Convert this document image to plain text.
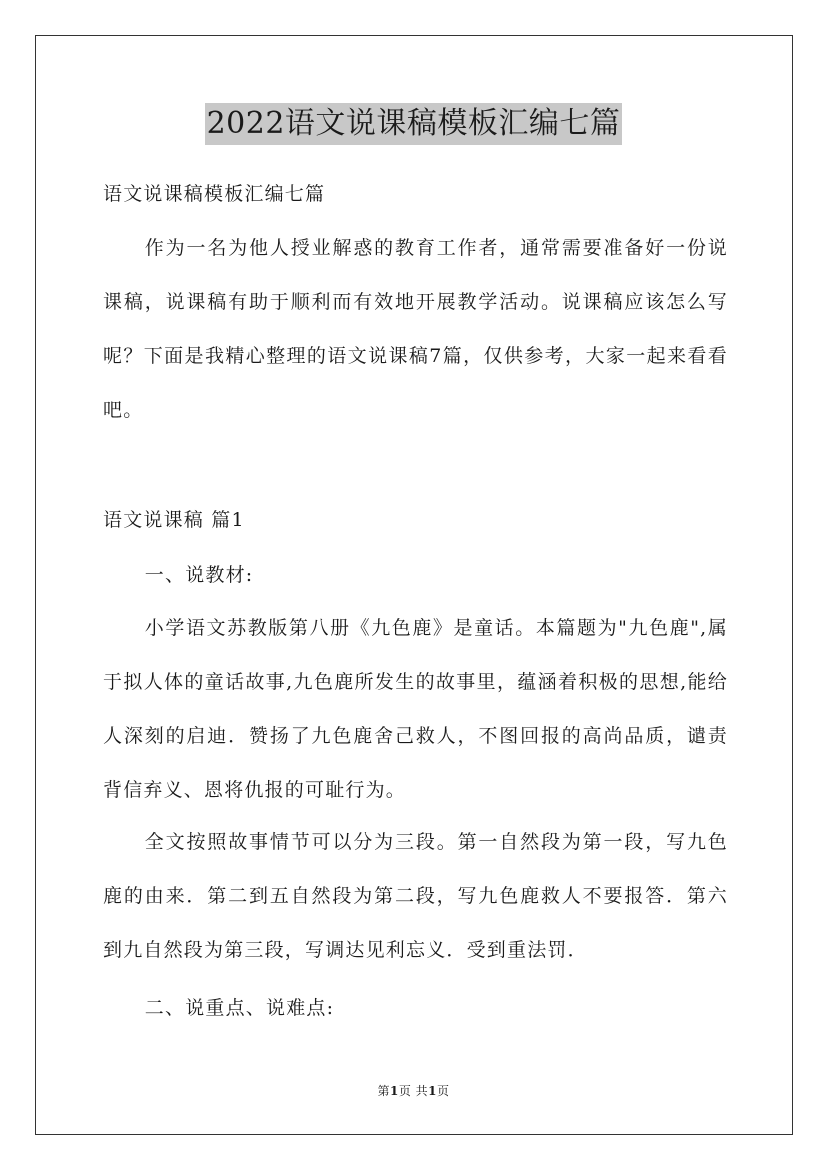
2022语文说课稿模板汇编七篇

语文说课稿模板汇编七篇

作为一名为他人授业解惑的教育工作者，通常需要准备好一份说课稿，说课稿有助于顺利而有效地开展教学活动。说课稿应该怎么写呢？下面是我精心整理的语文说课稿7篇，仅供参考，大家一起来看看吧。

语文说课稿 篇1

一、说教材:

小学语文苏教版第八册《九色鹿》是童话。本篇题为"九色鹿",属于拟人体的童话故事,九色鹿所发生的故事里，蕴涵着积极的思想,能给人深刻的启迪．赞扬了九色鹿舍己救人，不图回报的高尚品质，谴责背信弃义、恩将仇报的可耻行为。

全文按照故事情节可以分为三段。第一自然段为第一段，写九色鹿的由来．第二到五自然段为第二段，写九色鹿救人不要报答．第六到九自然段为第三段，写调达见利忘义．受到重法罚．

二、说重点、说难点:

第1页 共1页
